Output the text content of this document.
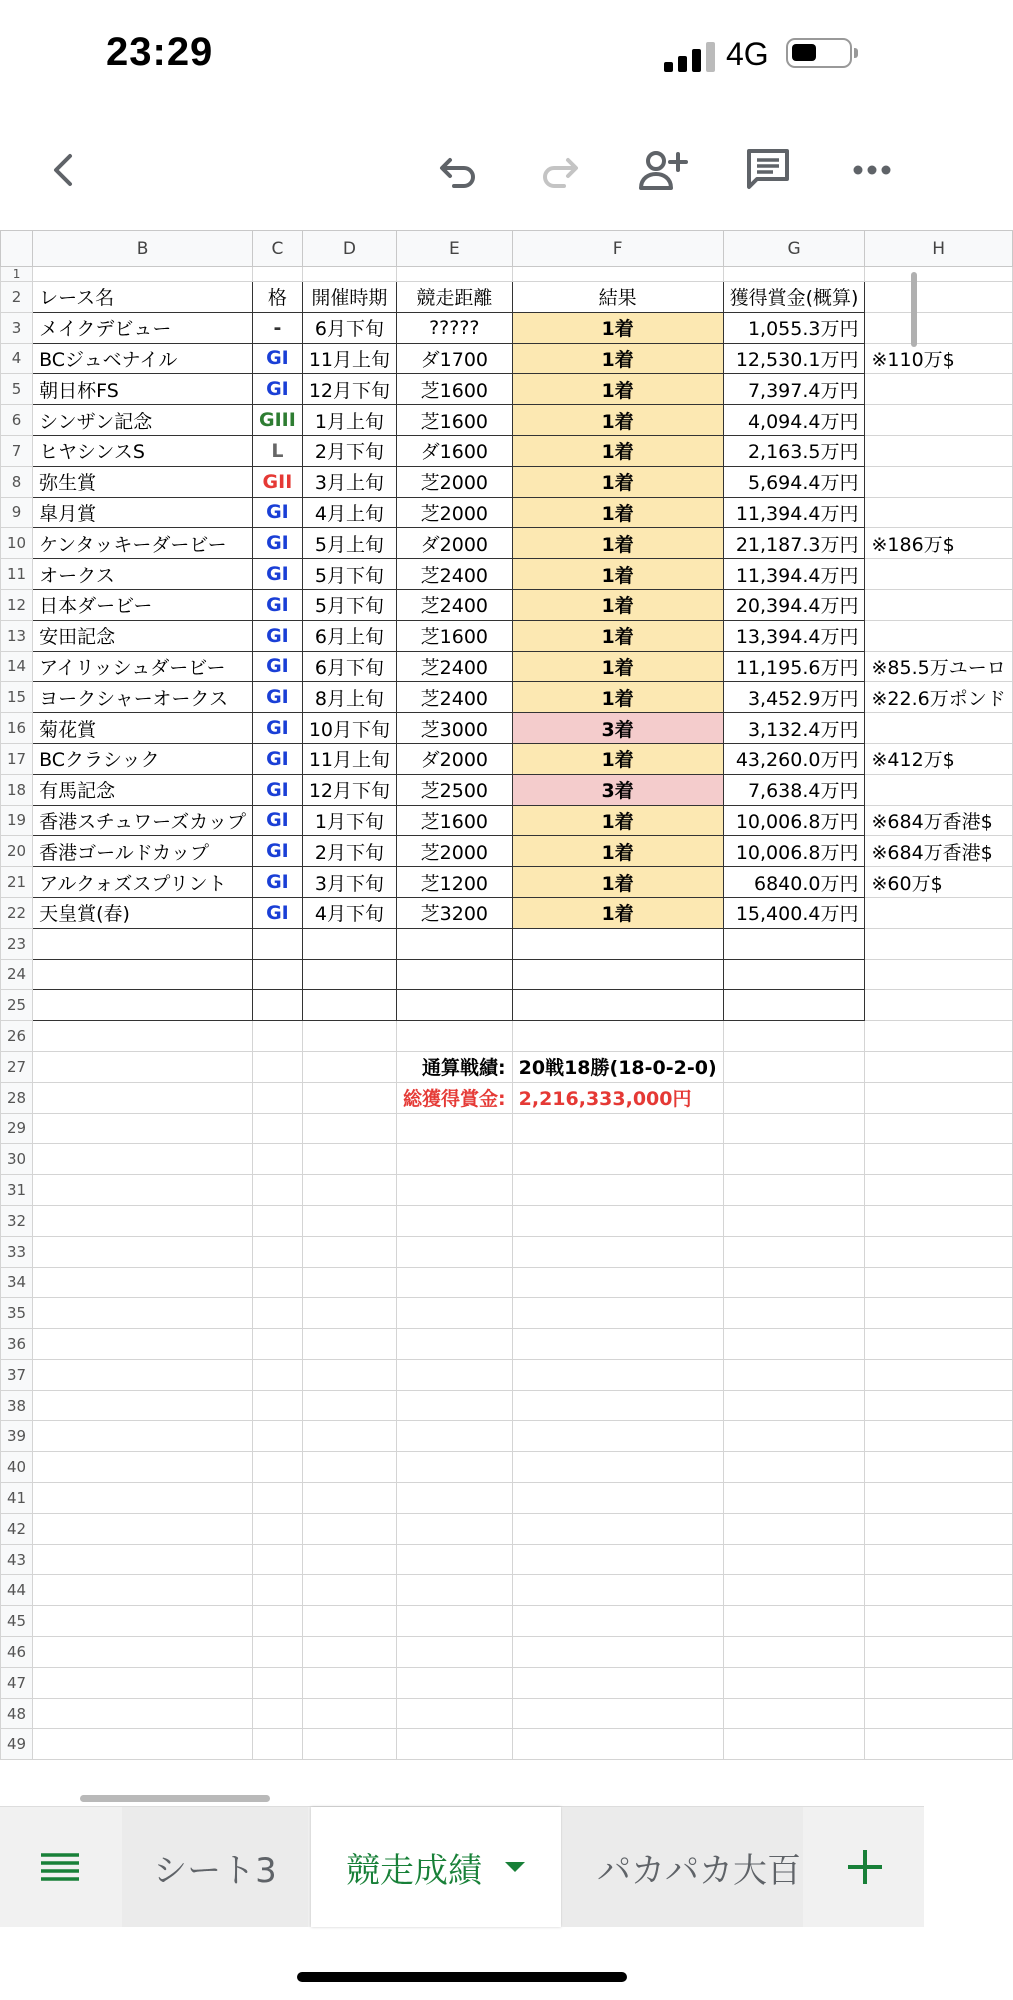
23:29	4G
	B	C	D	E	F	G	H
1							
2	レース名	格	開催時期	競走距離	結果	獲得賞金(概算)	
3	メイクデビュー	-	6月下旬	?????	1着	1,055.3万円	
4	BCジュベナイル	GI	11月上旬	ダ1700	1着	12,530.1万円	※110万$
5	朝日杯FS	GI	12月下旬	芝1600	1着	7,397.4万円	
6	シンザン記念	GIII	1月上旬	芝1600	1着	4,094.4万円	
7	ヒヤシンスS	L	2月下旬	ダ1600	1着	2,163.5万円	
8	弥生賞	GII	3月上旬	芝2000	1着	5,694.4万円	
9	皐月賞	GI	4月上旬	芝2000	1着	11,394.4万円	
10	ケンタッキーダービー	GI	5月上旬	ダ2000	1着	21,187.3万円	※186万$
11	オークス	GI	5月下旬	芝2400	1着	11,394.4万円	
12	日本ダービー	GI	5月下旬	芝2400	1着	20,394.4万円	
13	安田記念	GI	6月上旬	芝1600	1着	13,394.4万円	
14	アイリッシュダービー	GI	6月下旬	芝2400	1着	11,195.6万円	※85.5万ユーロ
15	ヨークシャーオークス	GI	8月上旬	芝2400	1着	3,452.9万円	※22.6万ポンド
16	菊花賞	GI	10月下旬	芝3000	3着	3,132.4万円	
17	BCクラシック	GI	11月上旬	ダ2000	1着	43,260.0万円	※412万$
18	有馬記念	GI	12月下旬	芝2500	3着	7,638.4万円	
19	香港スチュワーズカップ	GI	1月下旬	芝1600	1着	10,006.8万円	※684万香港$
20	香港ゴールドカップ	GI	2月下旬	芝2000	1着	10,006.8万円	※684万香港$
21	アルクォズスプリント	GI	3月下旬	芝1200	1着	6840.0万円	※60万$
22	天皇賞(春)	GI	4月下旬	芝3200	1着	15,400.4万円	
23							
24							
25							
26							
27				通算戦績:	20戦18勝(18-0-2-0)		
28				総獲得賞金:	2,216,333,000円		
29							
30							
31							
32							
33							
34							
35							
36							
37							
38							
39							
40							
41							
42							
43							
44							
45							
46							
47							
48							
49							
シート3	競走成績	パカパカ大百
